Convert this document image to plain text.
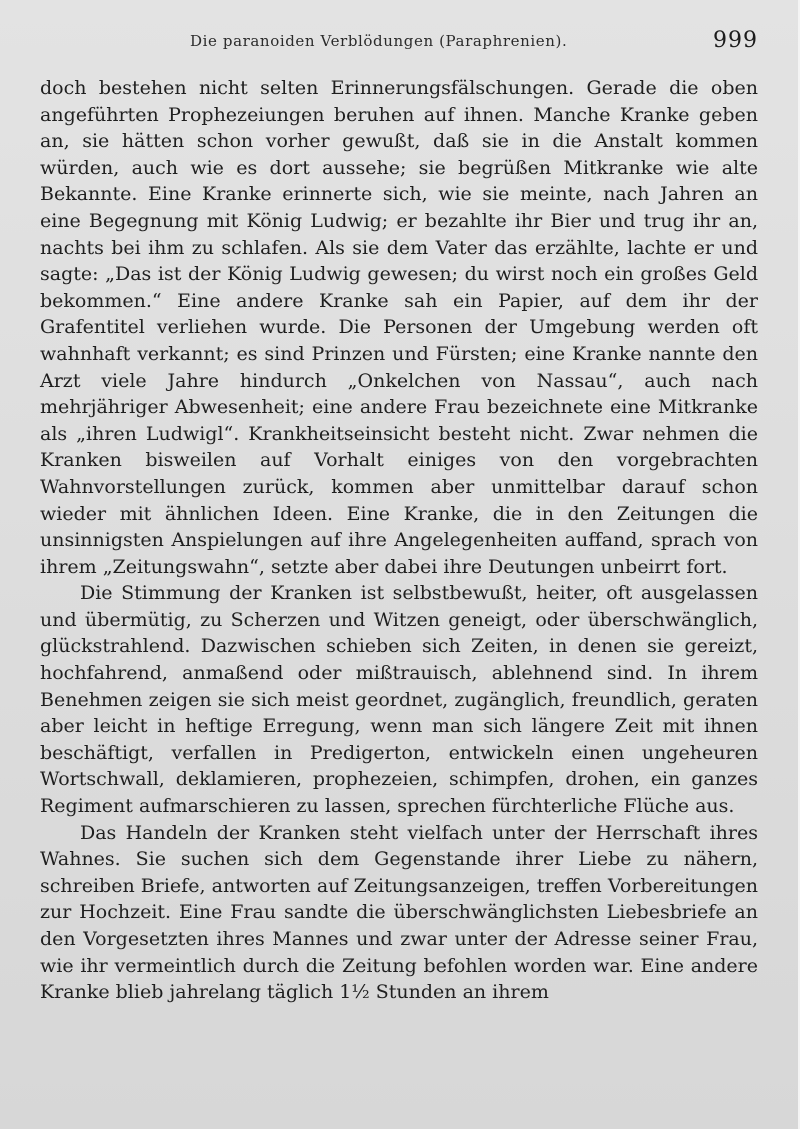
Die paranoiden Verblödungen (Paraphrenien).	999

doch bestehen nicht selten Erinnerungsfälschungen. Gerade die oben angeführten Prophezeiungen beruhen auf ihnen. Manche Kranke geben an, sie hätten schon vorher gewußt, daß sie in die Anstalt kommen würden, auch wie es dort aussehe; sie begrüßen Mitkranke wie alte Bekannte. Eine Kranke erinnerte sich, wie sie meinte, nach Jahren an eine Begegnung mit König Ludwig; er bezahlte ihr Bier und trug ihr an, nachts bei ihm zu schlafen. Als sie dem Vater das erzählte, lachte er und sagte: „Das ist der König Ludwig gewesen; du wirst noch ein großes Geld bekommen.“ Eine andere Kranke sah ein Papier, auf dem ihr der Grafentitel verliehen wurde. Die Personen der Umgebung werden oft wahnhaft verkannt; es sind Prinzen und Fürsten; eine Kranke nannte den Arzt viele Jahre hindurch „Onkelchen von Nassau“, auch nach mehrjähriger Abwesenheit; eine andere Frau bezeichnete eine Mitkranke als „ihren Ludwigl“. Krankheitseinsicht besteht nicht. Zwar nehmen die Kranken bisweilen auf Vorhalt einiges von den vorgebrachten Wahnvorstellungen zurück, kommen aber unmittelbar darauf schon wieder mit ähnlichen Ideen. Eine Kranke, die in den Zeitungen die unsinnigsten Anspielungen auf ihre Angelegenheiten auffand, sprach von ihrem „Zeitungswahn“, setzte aber dabei ihre Deutungen unbeirrt fort.

Die Stimmung der Kranken ist selbstbewußt, heiter, oft ausgelassen und übermütig, zu Scherzen und Witzen geneigt, oder überschwänglich, glückstrahlend. Dazwischen schieben sich Zeiten, in denen sie gereizt, hochfahrend, anmaßend oder mißtrauisch, ablehnend sind. In ihrem Benehmen zeigen sie sich meist geordnet, zugänglich, freundlich, geraten aber leicht in heftige Erregung, wenn man sich längere Zeit mit ihnen beschäftigt, verfallen in Predigerton, entwickeln einen ungeheuren Wortschwall, deklamieren, prophezeien, schimpfen, drohen, ein ganzes Regiment aufmarschieren zu lassen, sprechen fürchterliche Flüche aus.

Das Handeln der Kranken steht vielfach unter der Herrschaft ihres Wahnes. Sie suchen sich dem Gegenstande ihrer Liebe zu nähern, schreiben Briefe, antworten auf Zeitungsanzeigen, treffen Vorbereitungen zur Hochzeit. Eine Frau sandte die überschwänglichsten Liebesbriefe an den Vorgesetzten ihres Mannes und zwar unter der Adresse seiner Frau, wie ihr vermeintlich durch die Zeitung befohlen worden war. Eine andere Kranke blieb jahrelang täglich 1½ Stunden an ihrem
